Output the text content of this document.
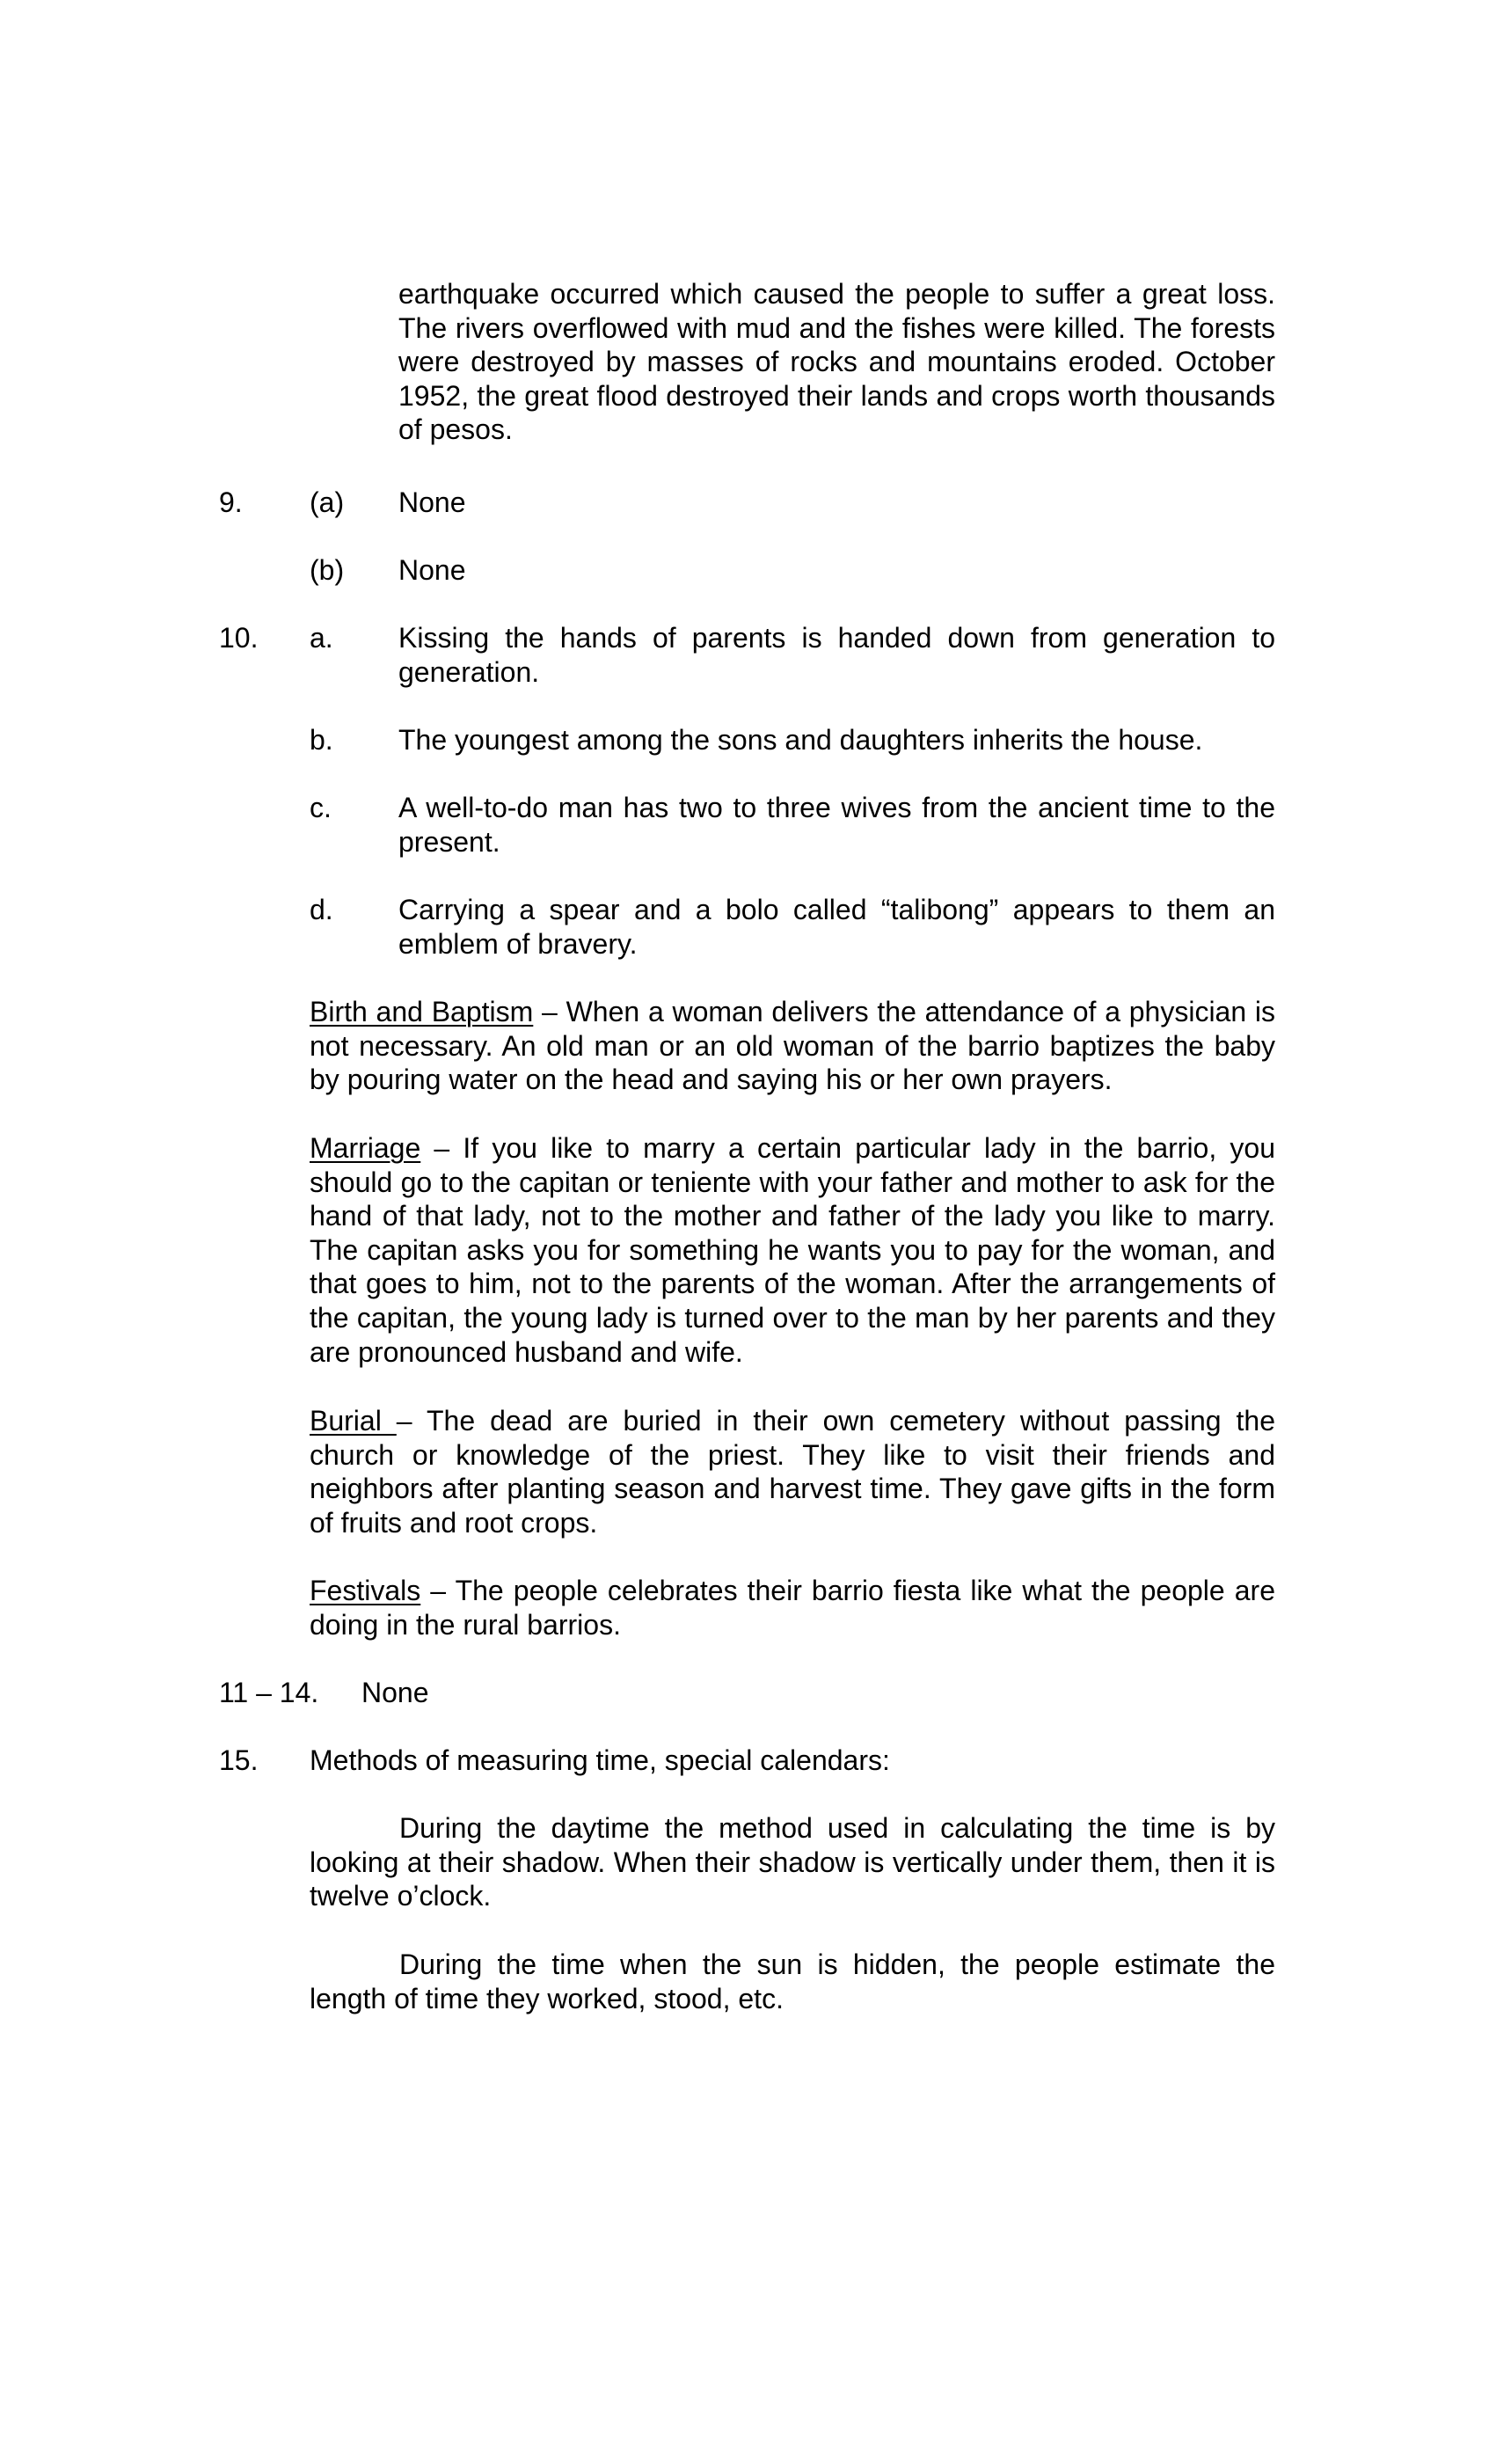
earthquake occurred which caused the people to suffer a great loss. The rivers overflowed with mud and the fishes were killed. The forests were destroyed by masses of rocks and mountains eroded. October 1952, the great flood destroyed their lands and crops worth thousands of pesos.
9. (a) None
(b) None
10. a. Kissing the hands of parents is handed down from generation to generation.
b. The youngest among the sons and daughters inherits the house.
c. A well-to-do man has two to three wives from the ancient time to the present.
d. Carrying a spear and a bolo called “talibong” appears to them an emblem of bravery.
Birth and Baptism – When a woman delivers the attendance of a physician is not necessary. An old man or an old woman of the barrio baptizes the baby by pouring water on the head and saying his or her own prayers.
Marriage – If you like to marry a certain particular lady in the barrio, you should go to the capitan or teniente with your father and mother to ask for the hand of that lady, not to the mother and father of the lady you like to marry. The capitan asks you for something he wants you to pay for the woman, and that goes to him, not to the parents of the woman. After the arrangements of the capitan, the young lady is turned over to the man by her parents and they are pronounced husband and wife.
Burial – The dead are buried in their own cemetery without passing the church or knowledge of the priest. They like to visit their friends and neighbors after planting season and harvest time. They gave gifts in the form of fruits and root crops.
Festivals – The people celebrates their barrio fiesta like what the people are doing in the rural barrios.
11 – 14. None
15. Methods of measuring time, special calendars:
During the daytime the method used in calculating the time is by looking at their shadow. When their shadow is vertically under them, then it is twelve o’clock.
During the time when the sun is hidden, the people estimate the length of time they worked, stood, etc.
